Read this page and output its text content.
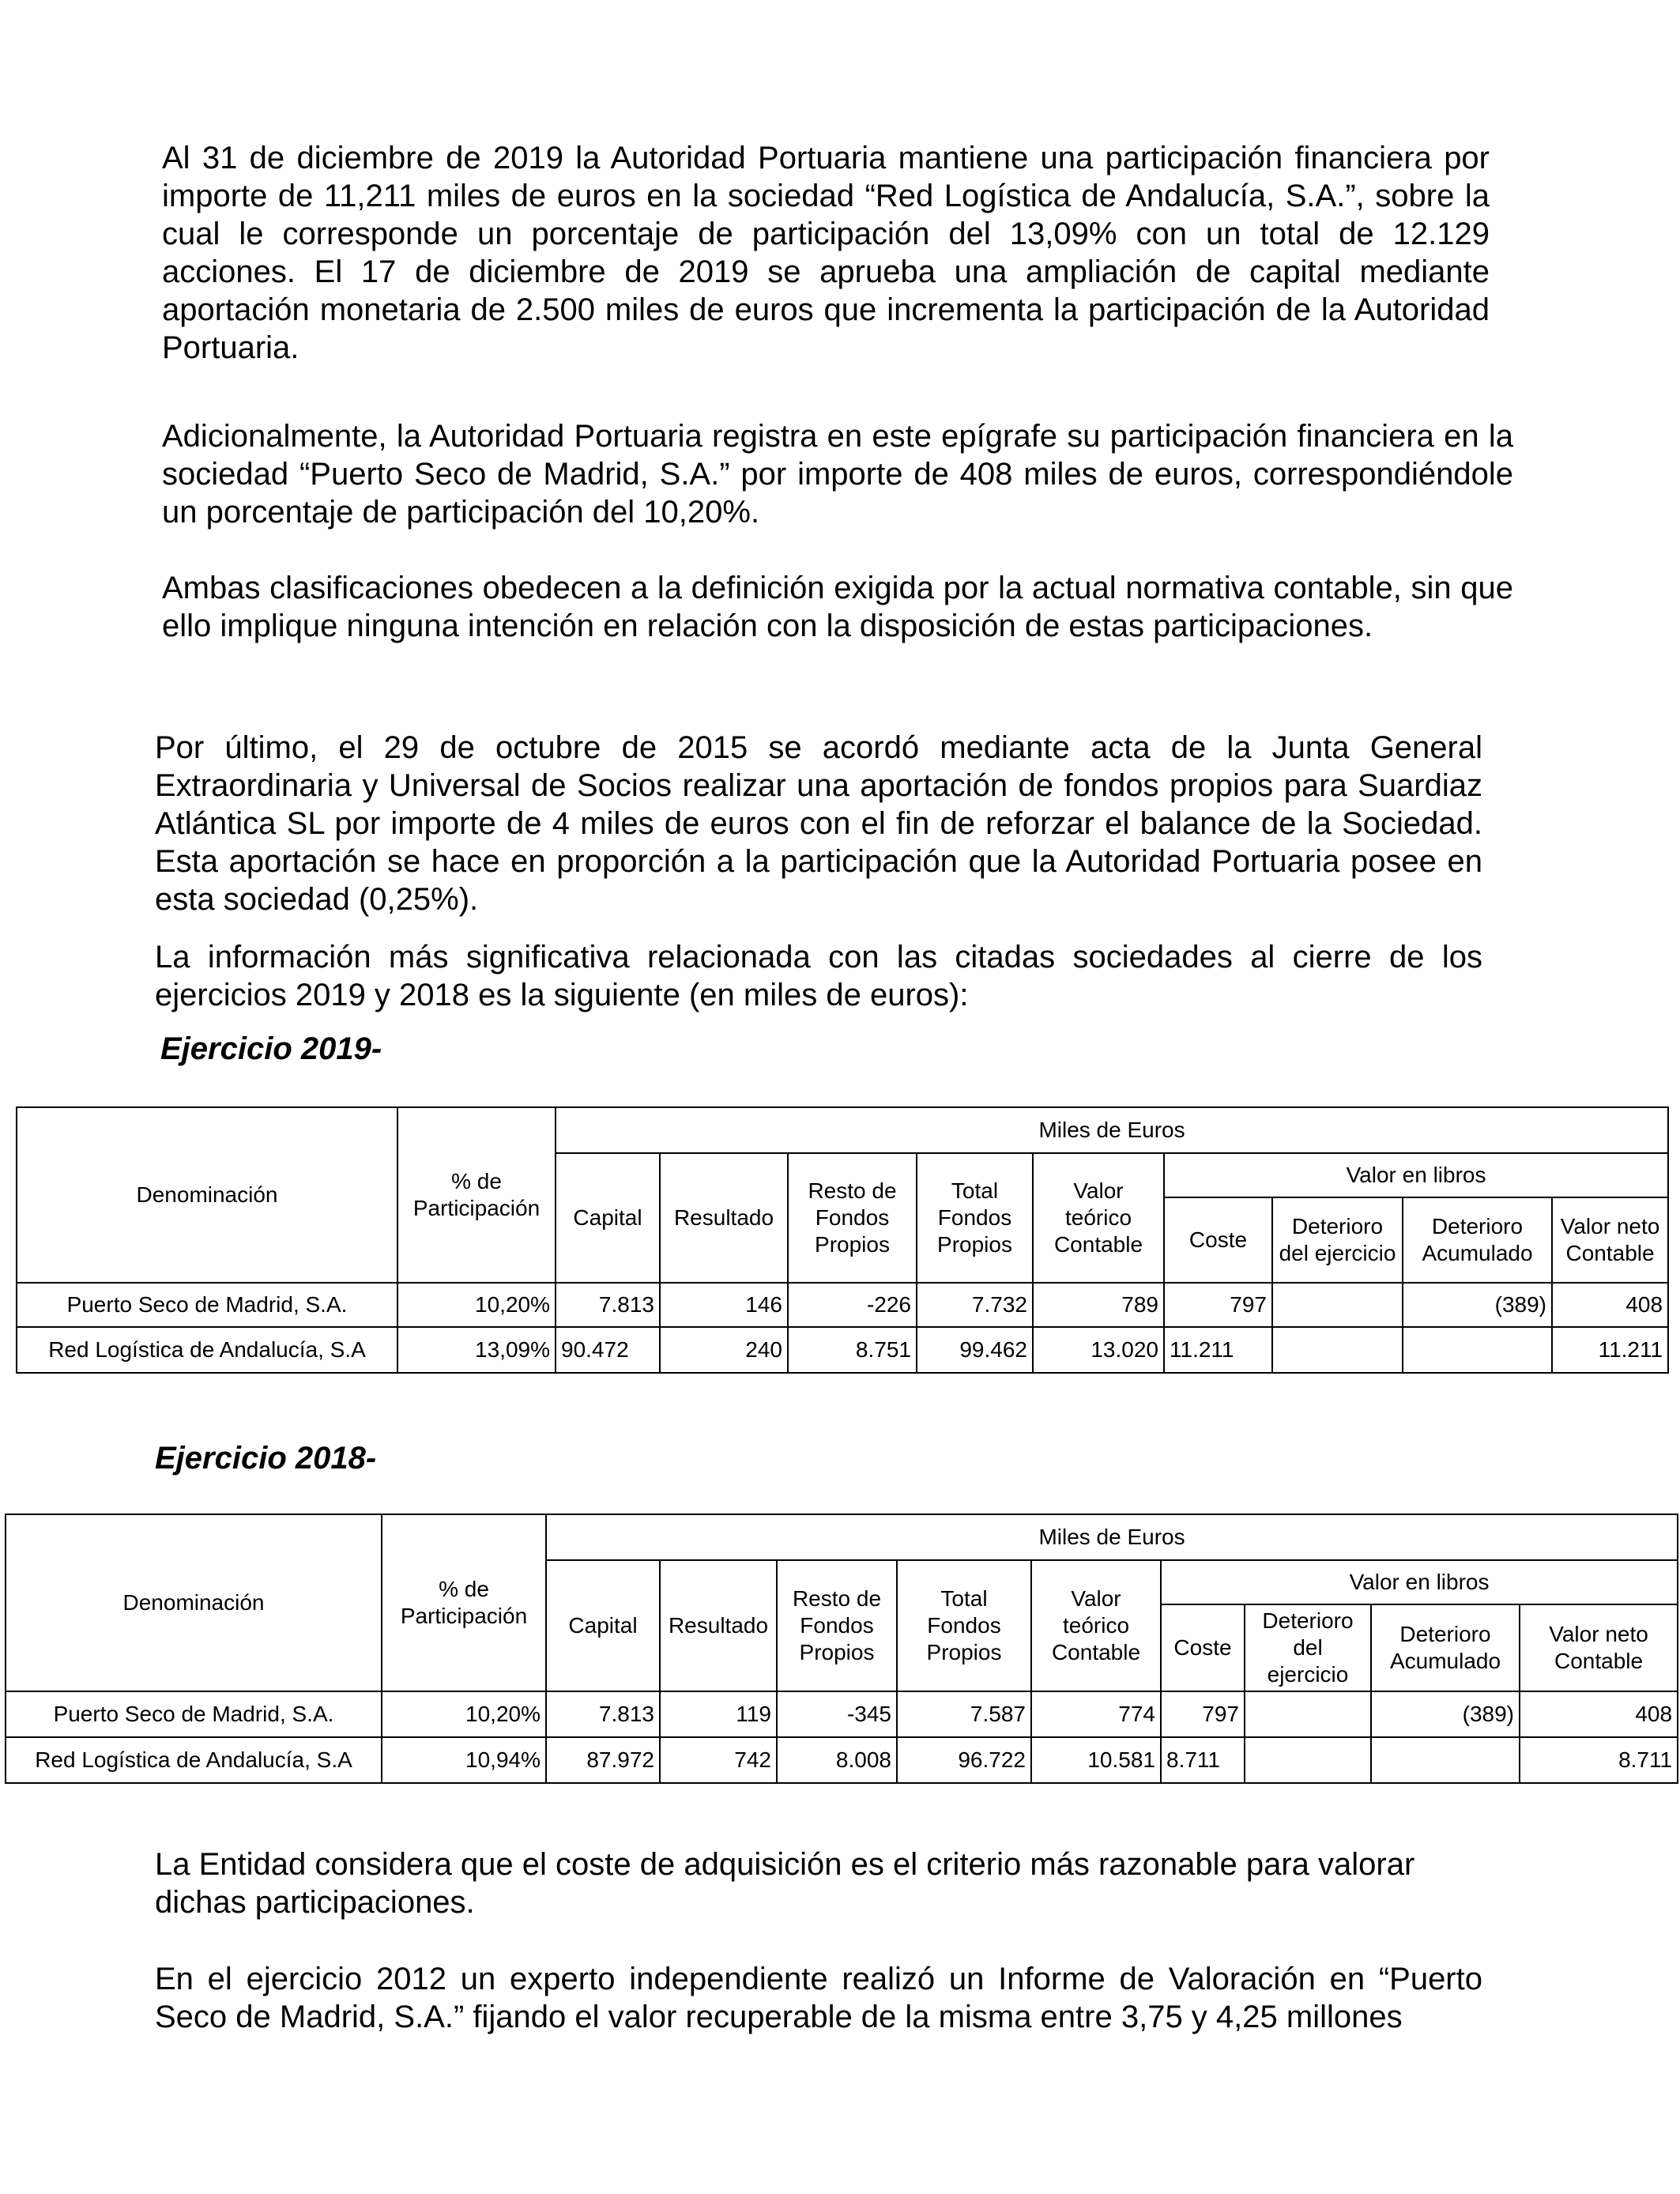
Al 31 de diciembre de 2019 la Autoridad Portuaria mantiene una participación financiera por importe de 11,211 miles de euros en la sociedad “Red Logística de Andalucía, S.A.”, sobre la cual le corresponde un porcentaje de participación del 13,09% con un total de 12.129 acciones. El 17 de diciembre de 2019 se aprueba una ampliación de capital mediante aportación monetaria de 2.500 miles de euros que incrementa la participación de la Autoridad Portuaria.

Adicionalmente, la Autoridad Portuaria registra en este epígrafe su participación financiera en la sociedad “Puerto Seco de Madrid, S.A.” por importe de 408 miles de euros, correspondiéndole un porcentaje de participación del 10,20%.

Ambas clasificaciones obedecen a la definición exigida por la actual normativa contable, sin que ello implique ninguna intención en relación con la disposición de estas participaciones.

Por último, el 29 de octubre de 2015 se acordó mediante acta de la Junta General Extraordinaria y Universal de Socios realizar una aportación de fondos propios para Suardiaz Atlántica SL por importe de 4 miles de euros con el fin de reforzar el balance de la Sociedad. Esta aportación se hace en proporción a la participación que la Autoridad Portuaria posee en esta sociedad (0,25%).

La información más significativa relacionada con las citadas sociedades al cierre de los ejercicios 2019 y 2018 es la siguiente (en miles de euros):

Ejercicio 2019-

Denominación	% de Participación	Miles de Euros								
		Capital	Resultado	Resto de Fondos Propios	Total Fondos Propios	Valor teórico Contable	Valor en libros			
							Coste	Deterioro del ejercicio	Deterioro Acumulado	Valor neto Contable
Puerto Seco de Madrid, S.A.	10,20%	7.813	146	-226	7.732	789	797		(389)	408
Red Logística de Andalucía, S.A	13,09%	90.472	240	8.751	99.462	13.020	11.211			11.211

Ejercicio 2018-

Denominación	% de Participación	Miles de Euros								
		Capital	Resultado	Resto de Fondos Propios	Total Fondos Propios	Valor teórico Contable	Valor en libros			
							Coste	Deterioro del ejercicio	Deterioro Acumulado	Valor neto Contable
Puerto Seco de Madrid, S.A.	10,20%	7.813	119	-345	7.587	774	797		(389)	408
Red Logística de Andalucía, S.A	10,94%	87.972	742	8.008	96.722	10.581	8.711			8.711

La Entidad considera que el coste de adquisición es el criterio más razonable para valorar dichas participaciones.

En el ejercicio 2012 un experto independiente realizó un Informe de Valoración en “Puerto Seco de Madrid, S.A.” fijando el valor recuperable de la misma entre 3,75 y 4,25 millones
